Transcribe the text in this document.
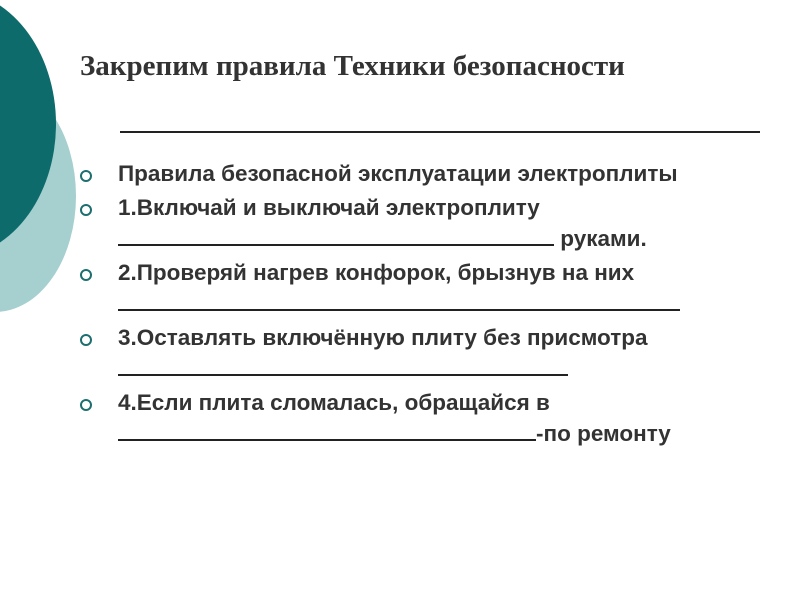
Закрепим правила Техники безопасности
Правила безопасной эксплуатации электроплиты
1.Включай и выключай электроплиту  руками.
2.Проверяй нагрев конфорок, брызнув на них
3.Оставлять включённую плиту без присмотра
4.Если плита сломалась, обращайся в -по ремонту
